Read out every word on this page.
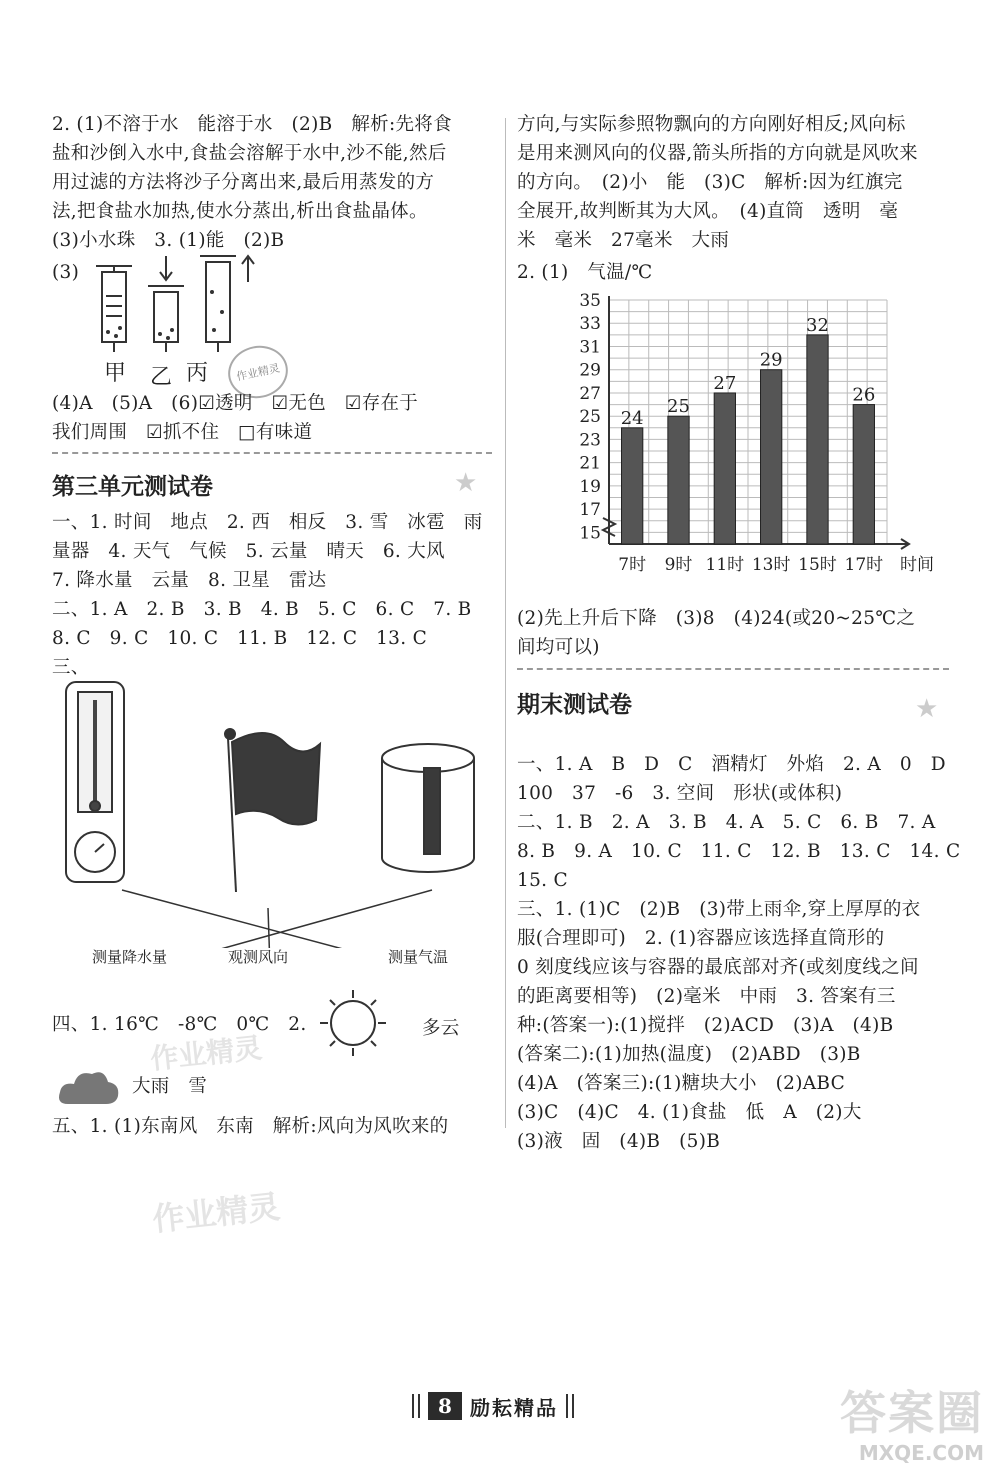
2. (1)不溶于水　能溶于水　(2)B　解析:先将食
盐和沙倒入水中,食盐会溶解于水中,沙不能,然后
用过滤的方法将沙子分离出来,最后用蒸发的方
法,把食盐水加热,使水分蒸出,析出食盐晶体。
(3)小水珠　3. (1)能　(2)B
(3)
甲 乙 丙	作业精灵
(4)A　(5)A　(6)☑透明　☑无色　☑存在于
我们周围　☑抓不住　□有味道
第三单元测试卷	★
一、1. 时间　地点　2. 西　相反　3. 雪　冰雹　雨
量器　4. 天气　气候　5. 云量　晴天　6. 大风
7. 降水量　云量　8. 卫星　雷达
二、1. A　2. B　3. B　4. B　5. C　6. C　7. B
8. C　9. C　10. C　11. B　12. C　13. C
三、
测量降水量	观测风向	测量气温
四、1. 16℃　-8℃　0℃　2.	多云
大雨　雪
作业精灵
五、1. (1)东南风　东南　解析:风向为风吹来的
作业精灵
方向,与实际参照物飘向的方向刚好相反;风向标
是用来测风向的仪器,箭头所指的方向就是风吹来
的方向。　(2)小　能　(3)C　解析:因为红旗完
全展开,故判断其为大风。　(4)直筒　透明　毫
米　毫米　27毫米　大雨
2. (1)　气温/℃
15
17
19
21
23
25
27
29
31
33
35
24
7时
25
9时
27
11时
29
13时
32
15时
26
17时 时间
(2)先上升后下降　(3)8　(4)24(或20~25℃之
间均可以)
期末测试卷	★
一、1. A　B　D　C　酒精灯　外焰　2. A　0　D
100　37　-6　3. 空间　形状(或体积)
二、1. B　2. A　3. B　4. A　5. C　6. B　7. A
8. B　9. A　10. C　11. C　12. B　13. C　14. C
15. C
三、1. (1)C　(2)B　(3)带上雨伞,穿上厚厚的衣
服(合理即可)　2. (1)容器应该选择直筒形的
0 刻度线应该与容器的最底部对齐(或刻度线之间
的距离要相等)　(2)毫米　中雨　3. 答案有三
种:(答案一):(1)搅拌　(2)ACD　(3)A　(4)B
(答案二):(1)加热(温度)　(2)ABD　(3)B
(4)A　(答案三):(1)糖块大小　(2)ABC
(3)C　(4)C　4. (1)食盐　低　A　(2)大
(3)液　固　(4)B　(5)B
8 励耘精品	答案圈
MXQE.COM
